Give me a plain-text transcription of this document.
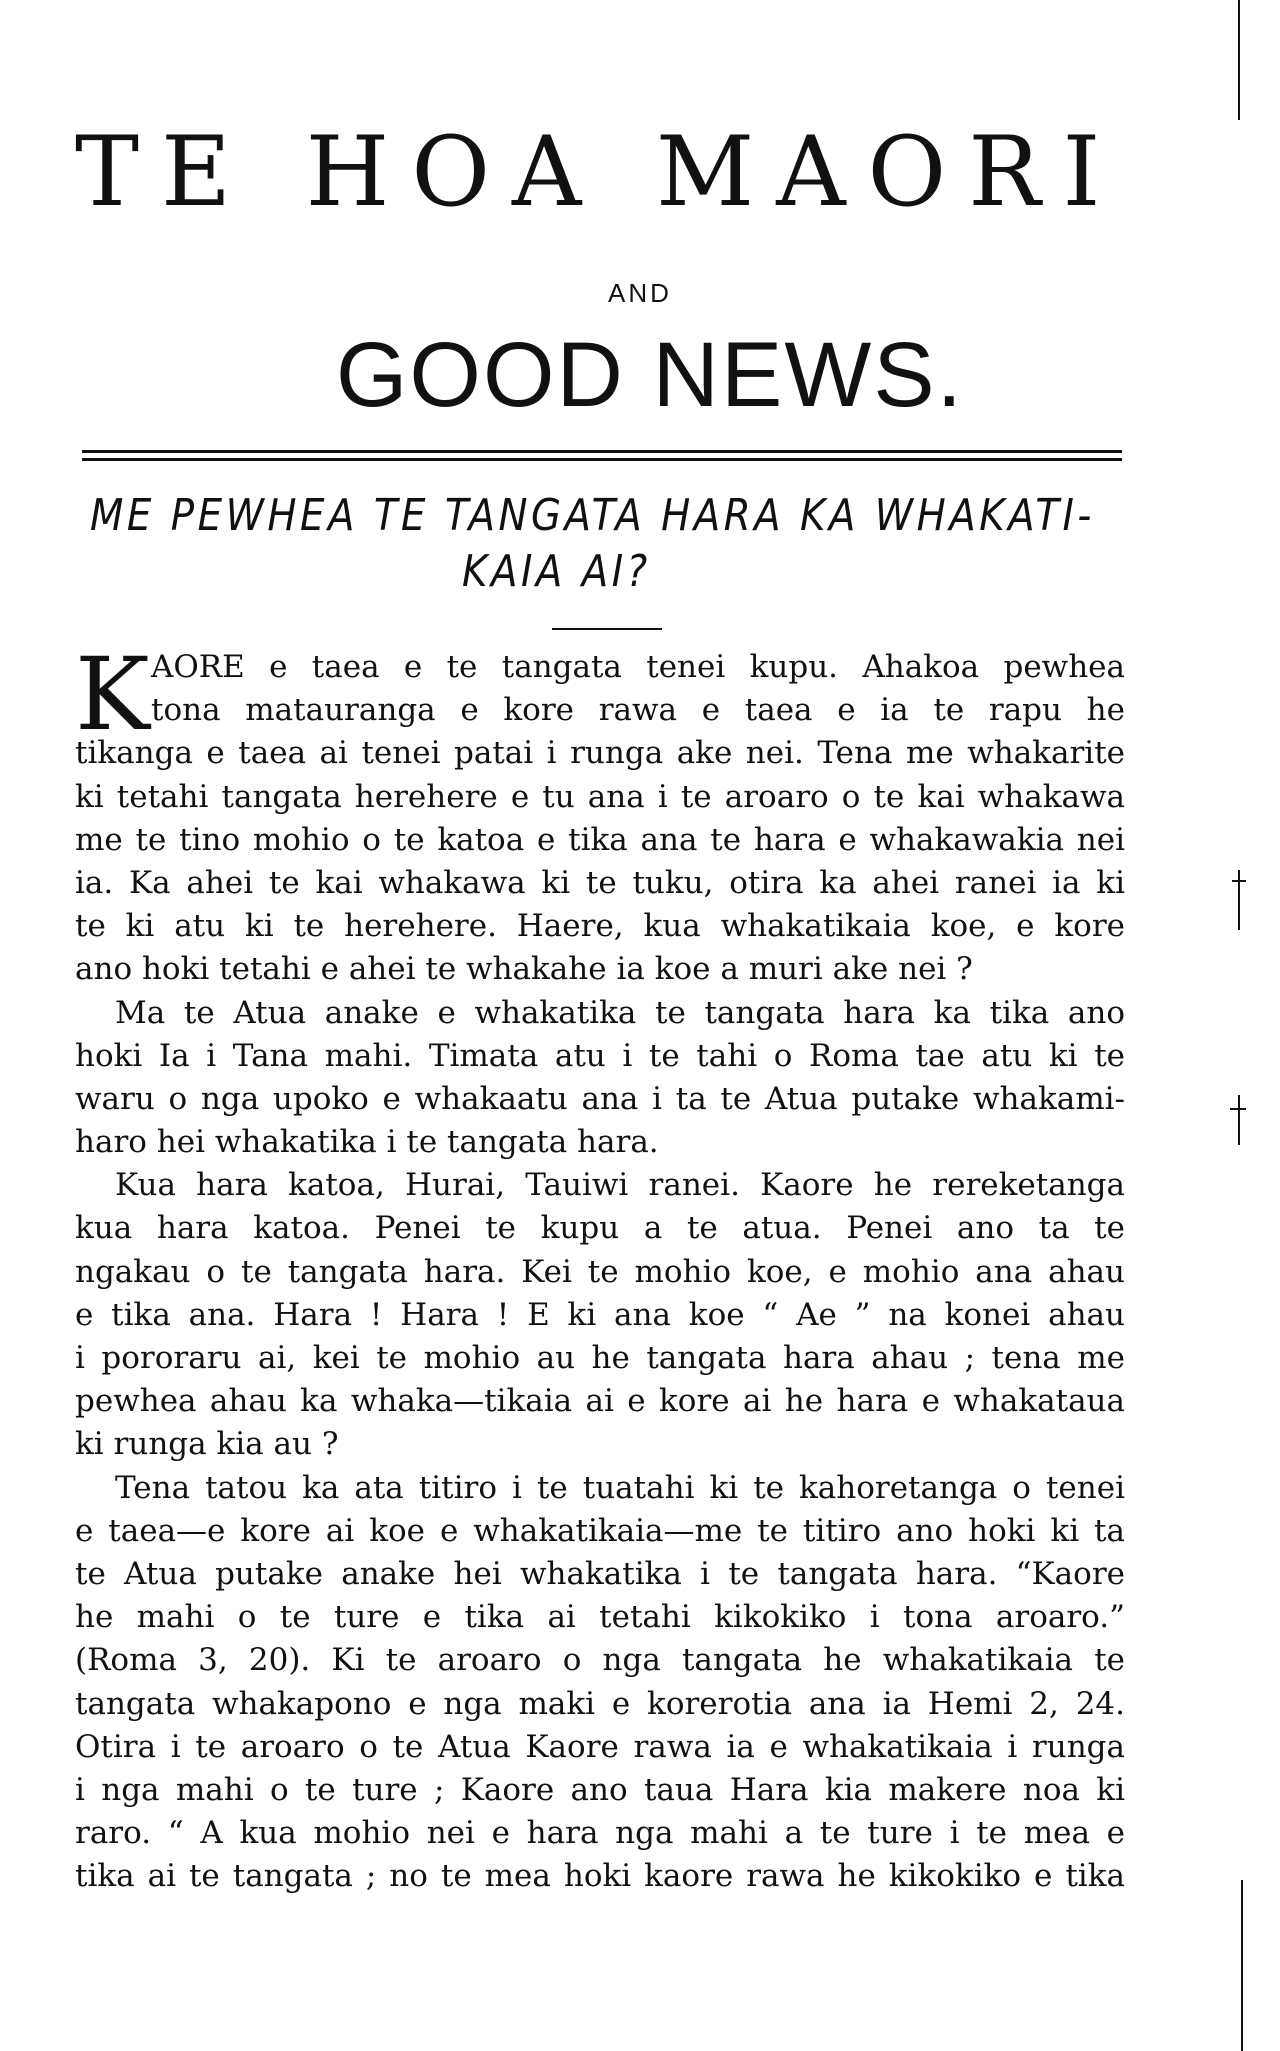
TE HOA MAORI
AND
GOOD NEWS.
ME PEWHEA TE TANGATA HARA KA WHAKATI-
KAIA AI?
K AORE e taea e te tangata tenei kupu. Ahakoa pewhea
tona matauranga e kore rawa e taea e ia te rapu he
tikanga e taea ai tenei patai i runga ake nei. Tena me whakarite
ki tetahi tangata herehere e tu ana i te aroaro o te kai whakawa
me te tino mohio o te katoa e tika ana te hara e whakawakia nei
ia. Ka ahei te kai whakawa ki te tuku, otira ka ahei ranei ia ki
te ki atu ki te herehere. Haere, kua whakatikaia koe, e kore
ano hoki tetahi e ahei te whakahe ia koe a muri ake nei ?
Ma te Atua anake e whakatika te tangata hara ka tika ano
hoki Ia i Tana mahi. Timata atu i te tahi o Roma tae atu ki te
waru o nga upoko e whakaatu ana i ta te Atua putake whakami-
haro hei whakatika i te tangata hara.
Kua hara katoa, Hurai, Tauiwi ranei. Kaore he rereketanga
kua hara katoa. Penei te kupu a te atua. Penei ano ta te
ngakau o te tangata hara. Kei te mohio koe, e mohio ana ahau
e tika ana. Hara ! Hara ! E ki ana koe “ Ae ” na konei ahau
i pororaru ai, kei te mohio au he tangata hara ahau ; tena me
pewhea ahau ka whaka—tikaia ai e kore ai he hara e whakataua
ki runga kia au ?
Tena tatou ka ata titiro i te tuatahi ki te kahoretanga o tenei
e taea—e kore ai koe e whakatikaia—me te titiro ano hoki ki ta
te Atua putake anake hei whakatika i te tangata hara. “Kaore
he mahi o te ture e tika ai tetahi kikokiko i tona aroaro.”
(Roma 3, 20). Ki te aroaro o nga tangata he whakatikaia te
tangata whakapono e nga maki e korerotia ana ia Hemi 2, 24.
Otira i te aroaro o te Atua Kaore rawa ia e whakatikaia i runga
i nga mahi o te ture ; Kaore ano taua Hara kia makere noa ki
raro. “ A kua mohio nei e hara nga mahi a te ture i te mea e
tika ai te tangata ; no te mea hoki kaore rawa he kikokiko e tika
